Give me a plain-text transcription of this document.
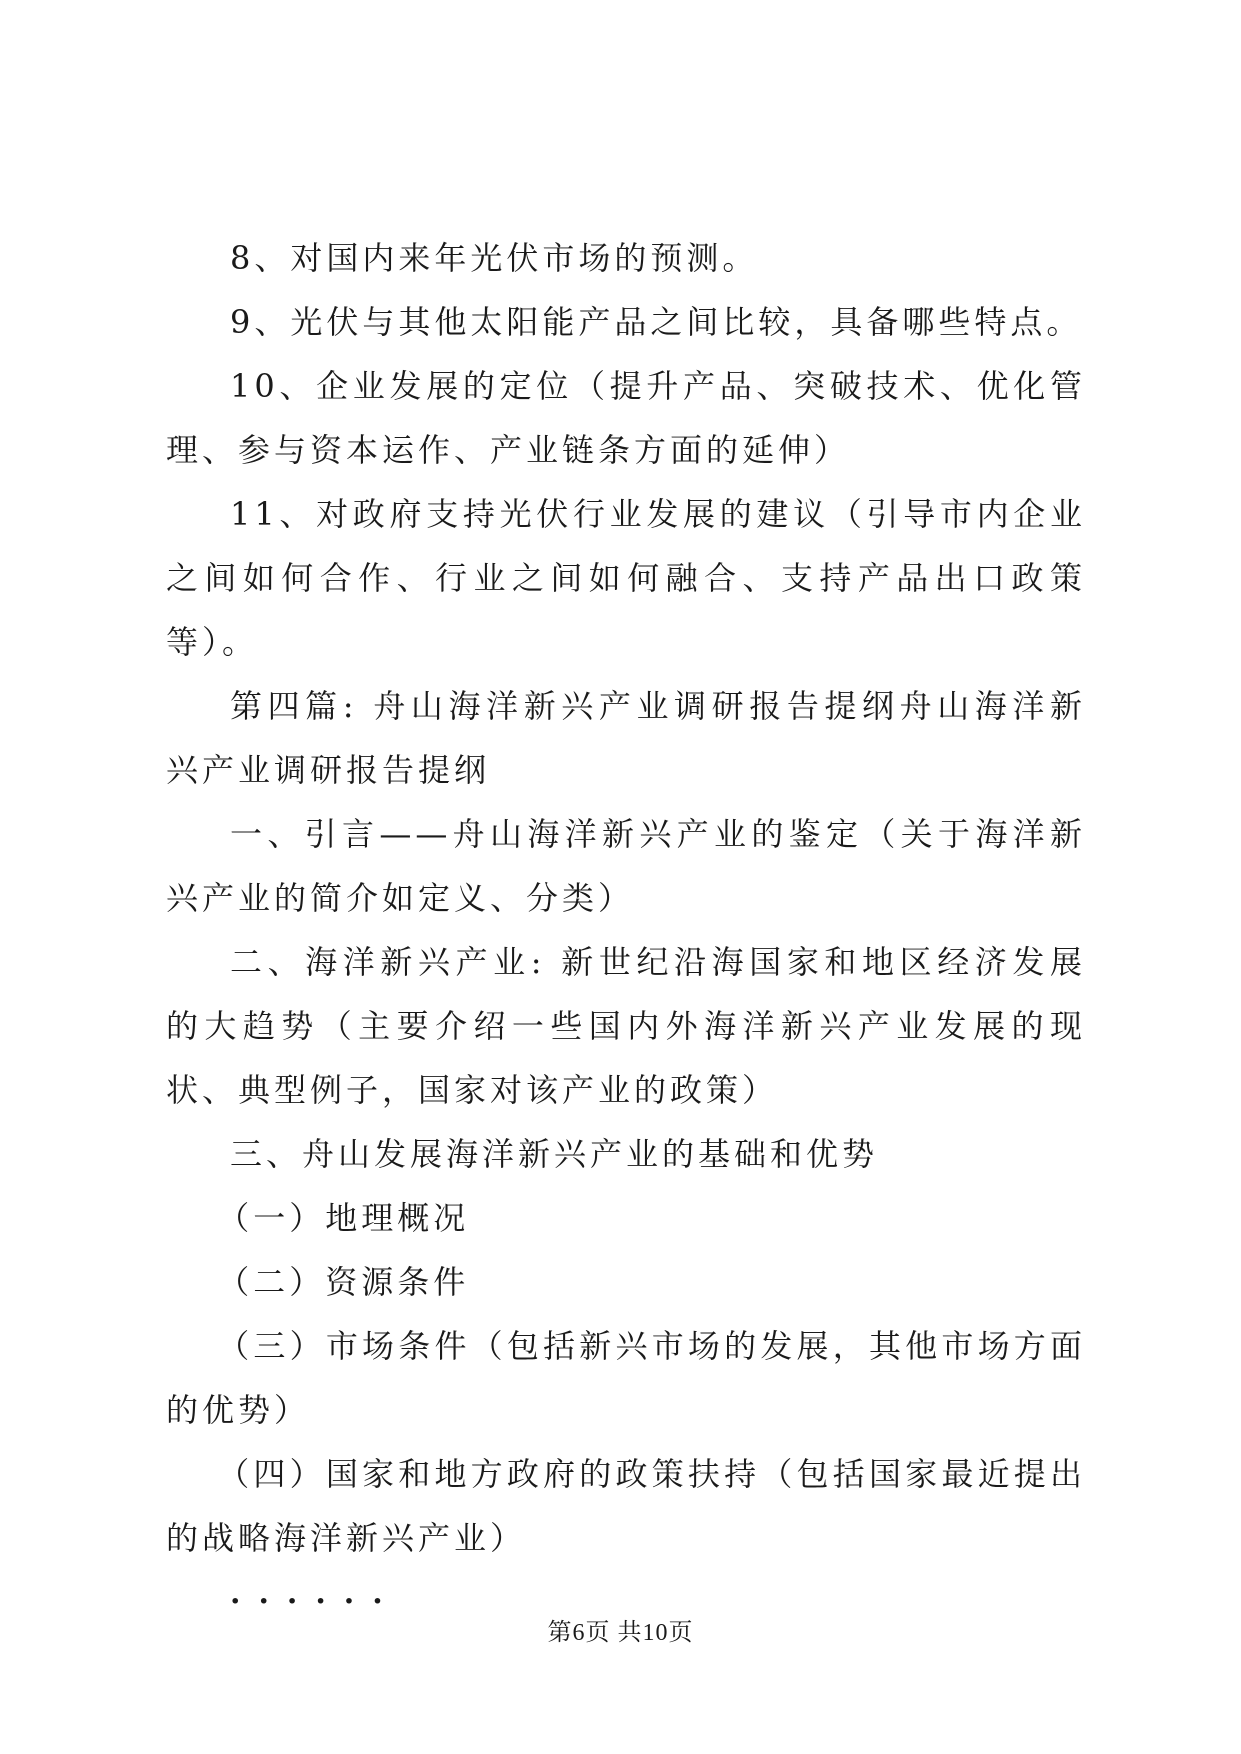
8、对国内来年光伏市场的预测。

9、光伏与其他太阳能产品之间比较，具备哪些特点。

10、企业发展的定位（提升产品、突破技术、优化管理、参与资本运作、产业链条方面的延伸）

11、对政府支持光伏行业发展的建议（引导市内企业之间如何合作、行业之间如何融合、支持产品出口政策等）。

第四篇: 舟山海洋新兴产业调研报告提纲舟山海洋新兴产业调研报告提纲

一、引言——舟山海洋新兴产业的鉴定（关于海洋新兴产业的简介如定义、分类）

二、海洋新兴产业: 新世纪沿海国家和地区经济发展的大趋势（主要介绍一些国内外海洋新兴产业发展的现状、典型例子，国家对该产业的政策）

三、舟山发展海洋新兴产业的基础和优势

（一）地理概况

（二）资源条件

（三）市场条件（包括新兴市场的发展，其他市场方面的优势）

（四）国家和地方政府的政策扶持（包括国家最近提出的战略海洋新兴产业）

······

第6页 共10页
